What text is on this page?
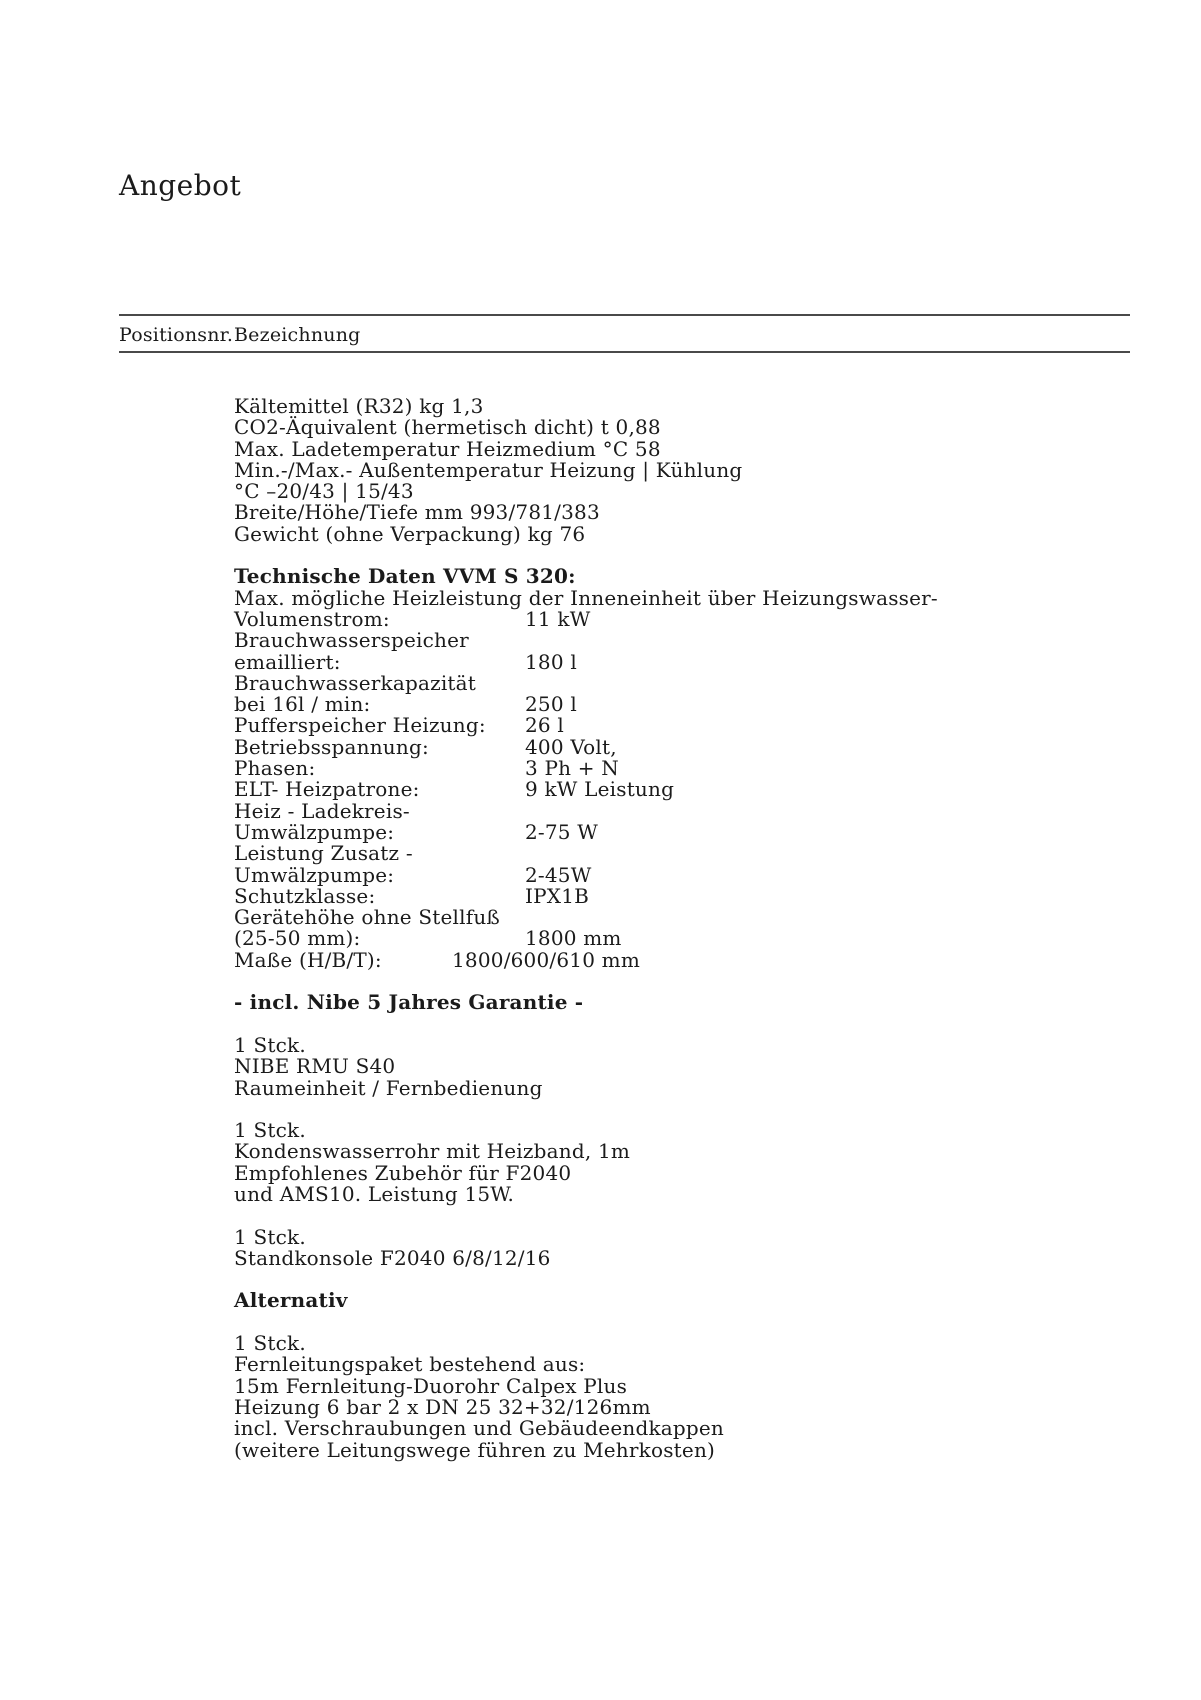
Angebot
Positionsnr. Bezeichnung
Kältemittel (R32) kg 1,3
CO2-Äquivalent (hermetisch dicht) t 0,88
Max. Ladetemperatur Heizmedium °C 58
Min.-/Max.- Außentemperatur Heizung | Kühlung
°C –20/43 | 15/43
Breite/Höhe/Tiefe mm 993/781/383
Gewicht (ohne Verpackung) kg 76

Technische Daten VVM S 320:
Max. mögliche Heizleistung der Inneneinheit über Heizungswasser-
Volumenstrom:	11 kW
Brauchwasserspeicher
emailliert:	180 l
Brauchwasserkapazität
bei 16l / min:	250 l
Pufferspeicher Heizung: 26 l
Betriebsspannung:	400 Volt,
Phasen:	3 Ph + N
ELT- Heizpatrone:	9 kW Leistung
Heiz - Ladekreis-
Umwälzpumpe:	2-75 W
Leistung Zusatz -
Umwälzpumpe:	2-45W
Schutzklasse:	IPX1B
Gerätehöhe ohne Stellfuß
(25-50 mm):	1800 mm
Maße (H/B/T):	1800/600/610 mm

- incl. Nibe 5 Jahres Garantie -

1 Stck.
NIBE RMU S40
Raumeinheit / Fernbedienung

1 Stck.
Kondenswasserrohr mit Heizband, 1m
Empfohlenes Zubehör für F2040
und AMS10. Leistung 15W.

1 Stck.
Standkonsole F2040 6/8/12/16

Alternativ

1 Stck.
Fernleitungspaket bestehend aus:
15m Fernleitung-Duorohr Calpex Plus
Heizung 6 bar 2 x DN 25 32+32/126mm
incl. Verschraubungen und Gebäudeendkappen
(weitere Leitungswege führen zu Mehrkosten)
